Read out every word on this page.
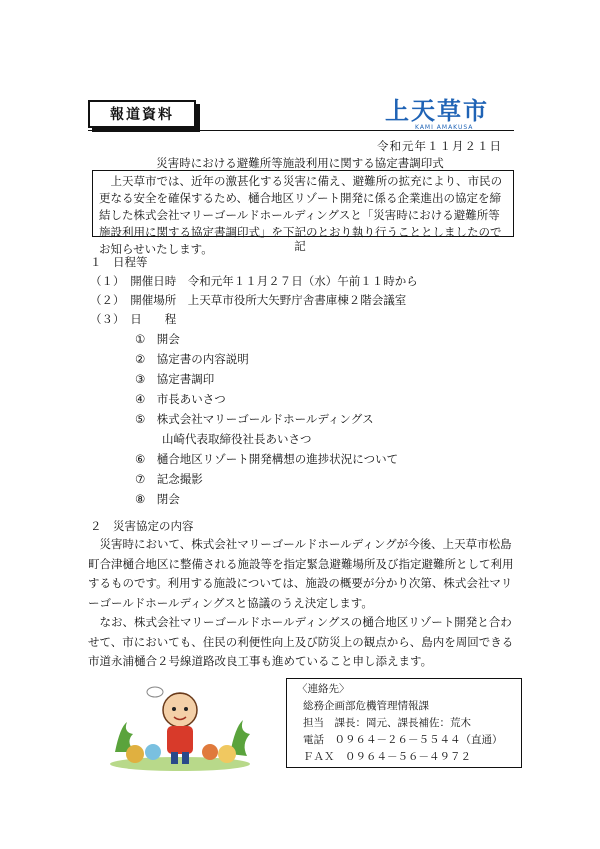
報道資料	上天草市
KAMI AMAKUSA
令和元年１１月２１日
災害時における避難所等施設利用に関する協定書調印式

上天草市では、近年の激甚化する災害に備え、避難所の拡充により、市民の更なる安全を確保するため、樋合地区リゾート開発に係る企業進出の協定を締結した株式会社マリーゴールドホールディングスと「災害時における避難所等施設利用に関する協定書調印式」を下記のとおり執り行うこととしましたのでお知らせいたします。	記
１　日程等
（１）　開催日時　令和元年１１月２７日（水）午前１１時から
（２）　開催場所　上天草市役所大矢野庁舎書庫棟２階会議室
（３）　日　　程
①　開会
②　協定書の内容説明
③　協定書調印
④　市長あいさつ
⑤　株式会社マリーゴールドホールディングス
山崎代表取締役社長あいさつ
⑥　樋合地区リゾート開発構想の進捗状況について
⑦　記念撮影
⑧　閉会
２　災害協定の内容

災害時において、株式会社マリーゴールドホールディングが今後、上天草市松島町合津樋合地区に整備される施設等を指定緊急避難場所及び指定避難所として利用するものです。利用する施設については、施設の概要が分かり次第、株式会社マリーゴールドホールディングスと協議のうえ決定します。

なお、株式会社マリーゴールドホールディングスの樋合地区リゾート開発と合わせて、市においても、住民の利便性向上及び防災上の観点から、島内を周回できる市道永浦樋合２号線道路改良工事も進めていること申し添えます。

〈連絡先〉
総務企画部危機管理情報課
担当　課長：岡元、課長補佐：荒木
電話　０９６４－２６－５５４４（直通）
ＦＡＸ　０９６４－５６－４９７２
